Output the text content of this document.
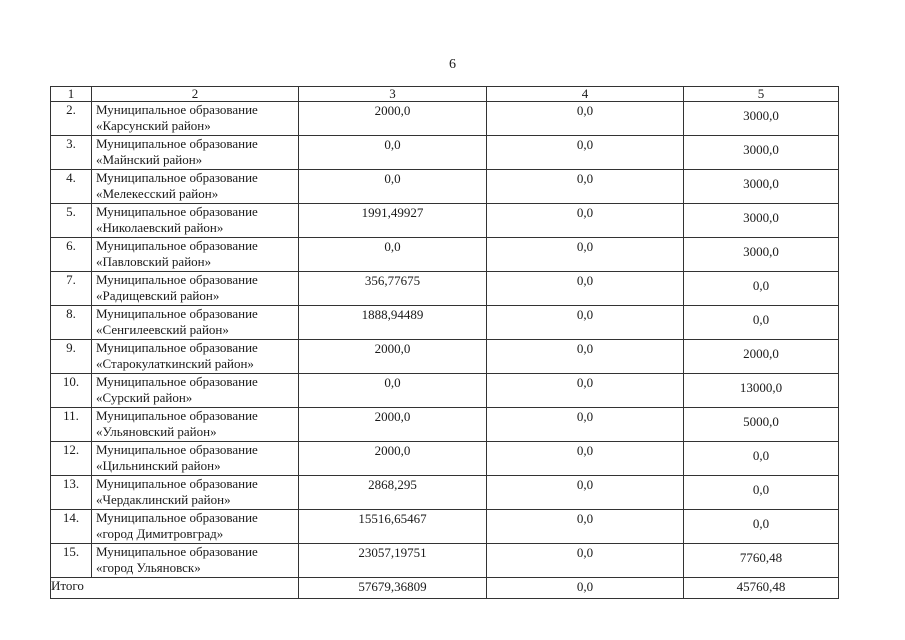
6
1	2	3	4	5
2.	Муниципальное образование
«Карсунский район»	2000,0	0,0	3000,0
3.	Муниципальное образование
«Майнский район»	0,0	0,0	3000,0
4.	Муниципальное образование
«Мелекесский район»	0,0	0,0	3000,0
5.	Муниципальное образование
«Николаевский район»	1991,49927	0,0	3000,0
6.	Муниципальное образование
«Павловский район»	0,0	0,0	3000,0
7.	Муниципальное образование
«Радищевский район»	356,77675	0,0	0,0
8.	Муниципальное образование
«Сенгилеевский район»	1888,94489	0,0	0,0
9.	Муниципальное образование
«Старокулаткинский район»	2000,0	0,0	2000,0
10.	Муниципальное образование
«Сурский район»	0,0	0,0	13000,0
11.	Муниципальное образование
«Ульяновский район»	2000,0	0,0	5000,0
12.	Муниципальное образование
«Цильнинский район»	2000,0	0,0	0,0
13.	Муниципальное образование
«Чердаклинский район»	2868,295	0,0	0,0
14.	Муниципальное образование
«город Димитровград»	15516,65467	0,0	0,0
15.	Муниципальное образование
«город Ульяновск»	23057,19751	0,0	7760,48
Итого		57679,36809	0,0	45760,48
